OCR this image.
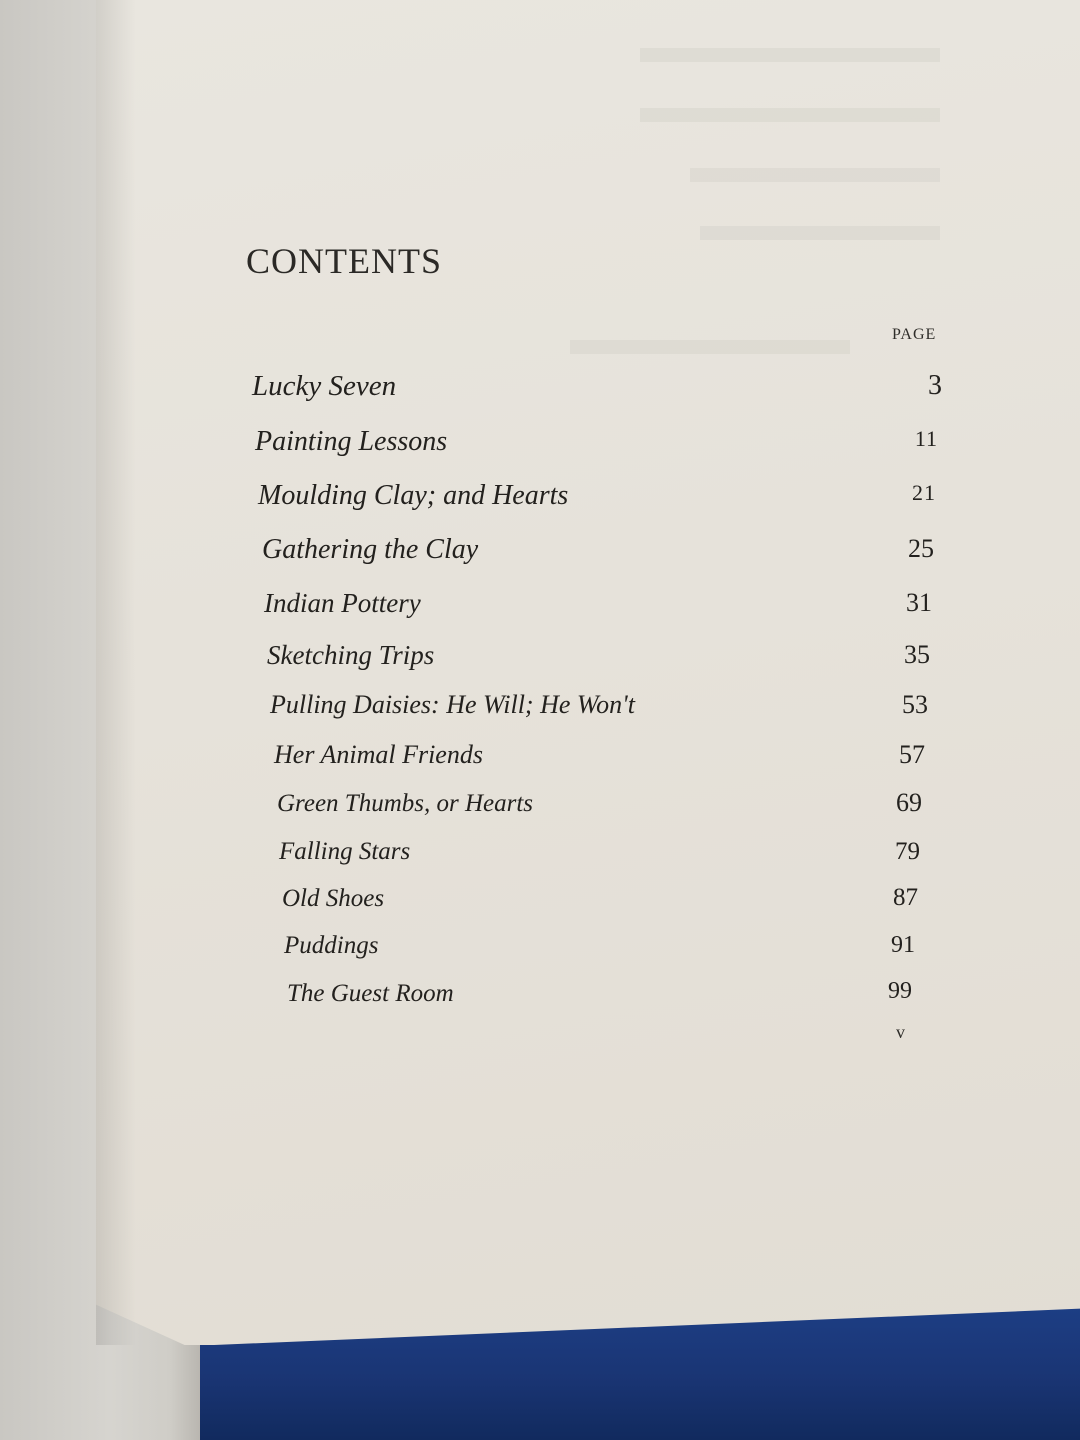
CONTENTS
PAGE
Lucky Seven	3
Painting Lessons	11
Moulding Clay; and Hearts	21
Gathering the Clay	25
Indian Pottery	31
Sketching Trips	35
Pulling Daisies: He Will; He Won't	53
Her Animal Friends	57
Green Thumbs, or Hearts	69
Falling Stars	79
Old Shoes	87
Puddings	91
The Guest Room	99
v
